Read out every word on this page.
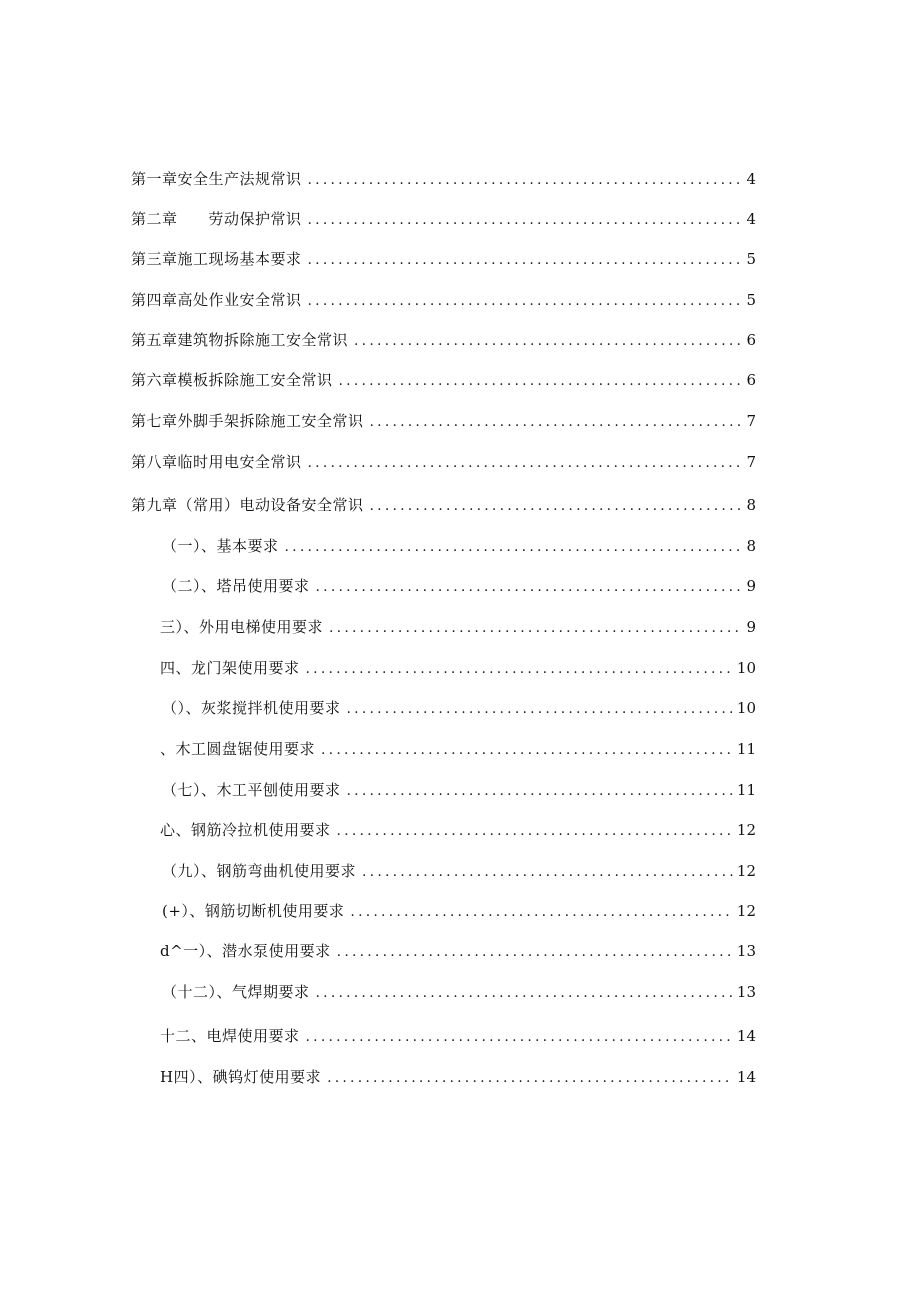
第一章安全生产法规常识 .....	4
第二章　　劳动保护常识 .....	4
第三章施工现场基本要求 .....	5
第四章高处作业安全常识 .....	5
第五章建筑物拆除施工安全常识 .....	6
第六章模板拆除施工安全常识 .....	6
第七章外脚手架拆除施工安全常识 .....	7
第八章临时用电安全常识 .....	7
第九章（常用）电动设备安全常识 .....	8
（一）、基本要求 .....	8
（二）、塔吊使用要求 .....	9
三）、外用电梯使用要求 .....	9
四、龙门架使用要求 .....	10
（）、灰浆搅拌机使用要求 .....	10
、木工圆盘锯使用要求 .....	11
（七）、木工平刨使用要求 .....	11
心、钢筋冷拉机使用要求 .....	12
（九）、钢筋弯曲机使用要求 .....	12
(+）、钢筋切断机使用要求 .....	12
d^一）、潜水泵使用要求 .....	13
（十二）、气焊期要求 .....	13
十二、电焊使用要求 .....	14
H四）、碘钨灯使用要求 .....	14
